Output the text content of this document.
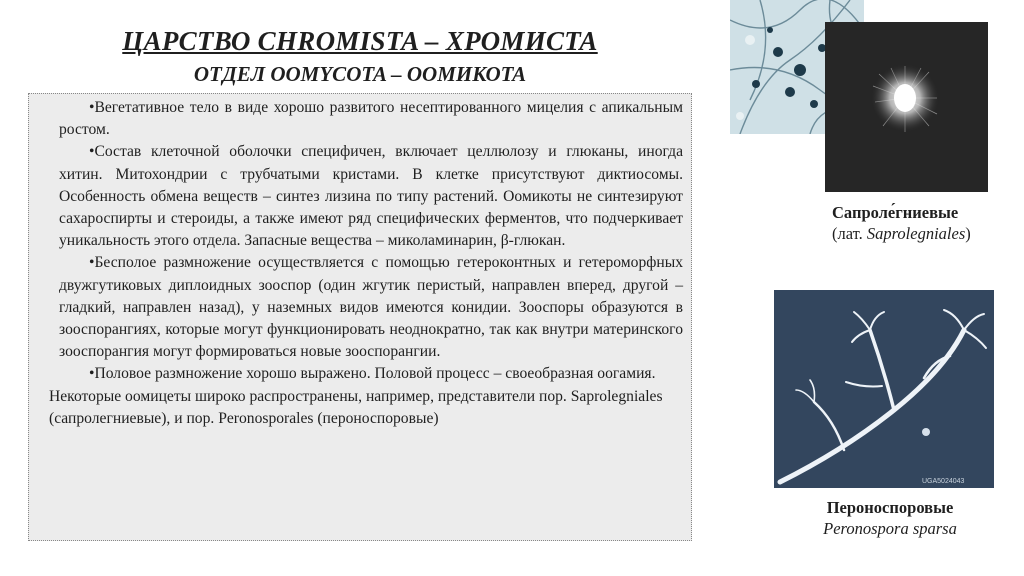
ЦАРСТВО CHROMISTA – ХРОМИСТА
ОТДЕЛ OOMYCOTA – ООМИКОТА

•Вегетативное тело в виде хорошо развитого несептированного мицелия с апикальным ростом.

•Состав клеточной оболочки специфичен, включает целлюлозу и глюканы, иногда хитин. Митохондрии с трубчатыми кристами. В клетке присутствуют диктиосомы. Особенность обмена веществ – синтез лизина по типу растений. Оомикоты не синтезируют сахароспирты и стероиды, а также имеют ряд специфических ферментов, что подчеркивает уникальность этого отдела. Запасные вещества – миколаминарин, β-глюкан.

•Бесполое размножение осуществляется с помощью гетероконтных и гетероморфных двужгутиковых диплоидных зооспор (один жгутик перистый, направлен вперед, другой – гладкий, направлен назад), у наземных видов имеются конидии. Зооспоры образуются в зооспорангиях, которые могут функционировать неоднократно, так как внутри материнского зооспорангия могут формироваться новые зооспорангии.

•Половое размножение хорошо выражено. Половой процесс – своеобразная оогамия.

Некоторые оомицеты широко распространены, например, представители пор. Saprolegniales (сапролегниевые), и пор. Peronosporales (пероноспоровые)

Сапроле́гниевые
(лат. Saprolegniales)
UGA5024043
Пероноспоровые
Peronospora sparsa
